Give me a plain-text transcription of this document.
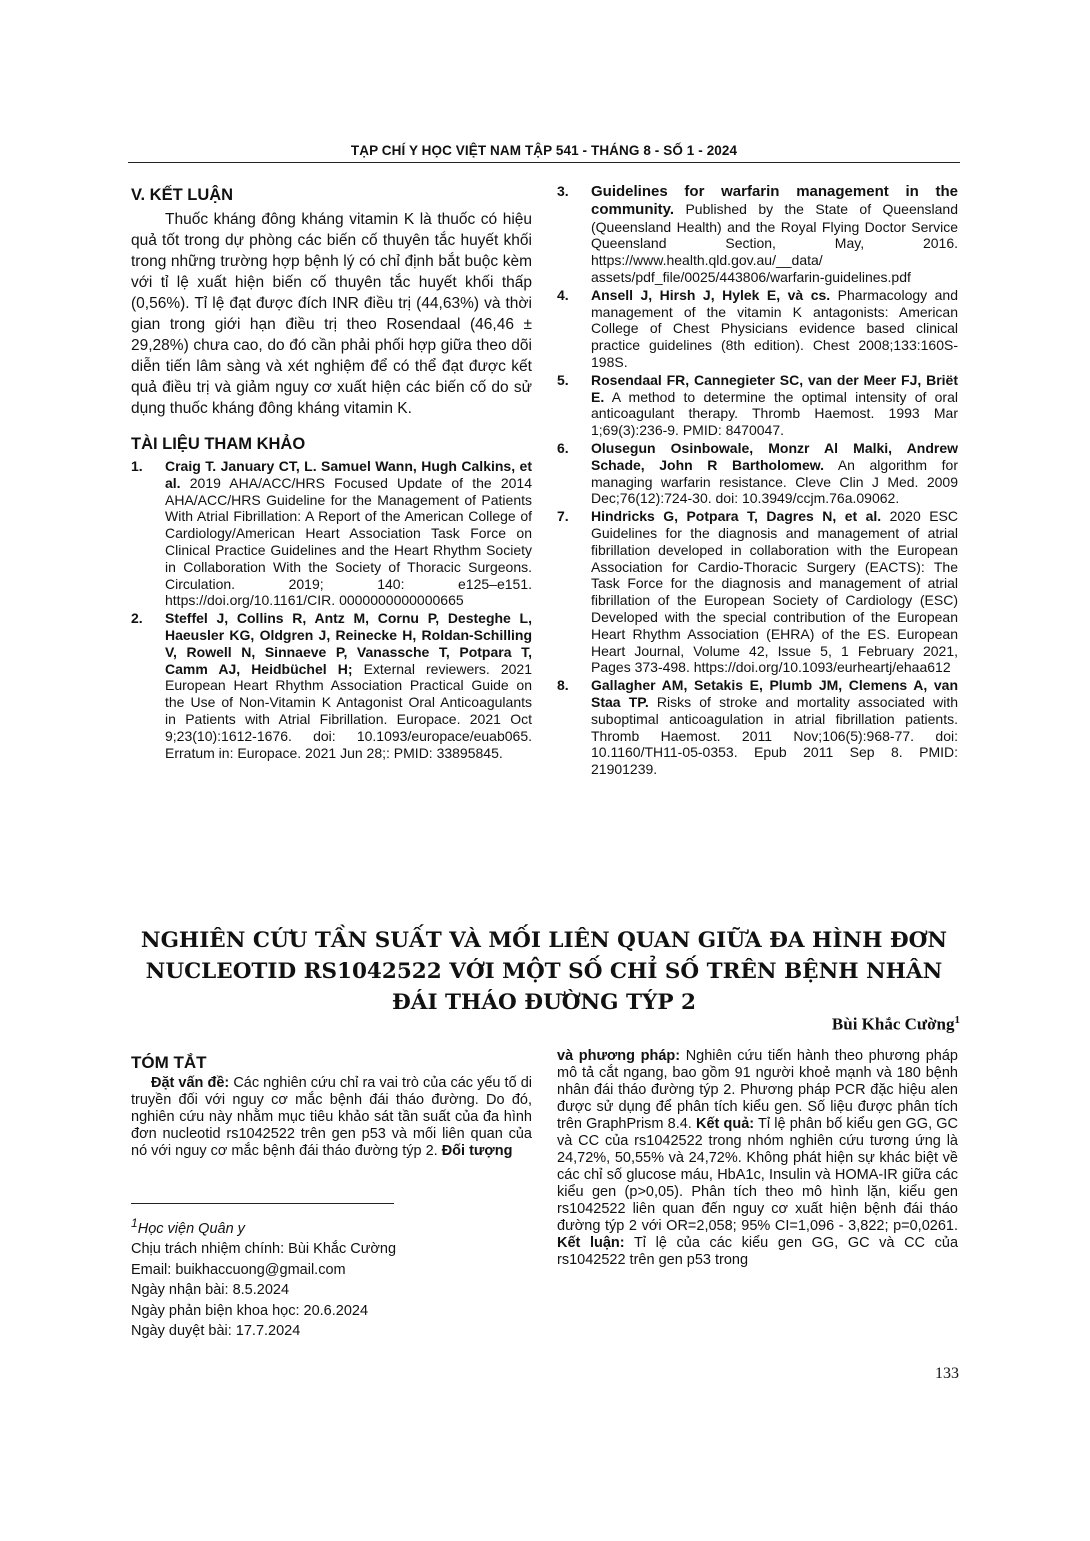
TẠP CHÍ Y HỌC VIỆT NAM TẬP 541 - THÁNG 8 - SỐ 1 - 2024
V. KẾT LUẬN

Thuốc kháng đông kháng vitamin K là thuốc có hiệu quả tốt trong dự phòng các biến cố thuyên tắc huyết khối trong những trường hợp bệnh lý có chỉ định bắt buộc kèm với tỉ lệ xuất hiện biến cố thuyên tắc huyết khối thấp (0,56%). Tỉ lệ đạt được đích INR điều trị (44,63%) và thời gian trong giới hạn điều trị theo Rosendaal (46,46 ± 29,28%) chưa cao, do đó cần phải phối hợp giữa theo dõi diễn tiến lâm sàng và xét nghiệm để có thể đạt được kết quả điều trị và giảm nguy cơ xuất hiện các biến cố do sử dụng thuốc kháng đông kháng vitamin K.

TÀI LIỆU THAM KHẢO
1. Craig T. January CT, L. Samuel Wann, Hugh Calkins, et al. 2019 AHA/ACC/HRS Focused Update of the 2014 AHA/ACC/HRS Guideline for the Management of Patients With Atrial Fibrillation: A Report of the American College of Cardiology/American Heart Association Task Force on Clinical Practice Guidelines and the Heart Rhythm Society in Collaboration With the Society of Thoracic Surgeons. Circulation. 2019; 140: e125–e151. https://doi.org/10.1161/CIR. 0000000000000665
2. Steffel J, Collins R, Antz M, Cornu P, Desteghe L, Haeusler KG, Oldgren J, Reinecke H, Roldan-Schilling V, Rowell N, Sinnaeve P, Vanassche T, Potpara T, Camm AJ, Heidbüchel H; External reviewers. 2021 European Heart Rhythm Association Practical Guide on the Use of Non-Vitamin K Antagonist Oral Anticoagulants in Patients with Atrial Fibrillation. Europace. 2021 Oct 9;23(10):1612-1676. doi: 10.1093/europace/euab065. Erratum in: Europace. 2021 Jun 28;: PMID: 33895845.
3. Guidelines for warfarin management in the community. Published by the State of Queensland (Queensland Health) and the Royal Flying Doctor Service Queensland Section, May, 2016. https://www.health.qld.gov.au/__data/ assets/pdf_file/0025/443806/warfarin-guidelines.pdf
4. Ansell J, Hirsh J, Hylek E, và cs. Pharmacology and management of the vitamin K antagonists: American College of Chest Physicians evidence based clinical practice guidelines (8th edition). Chest 2008;133:160S-198S.
5. Rosendaal FR, Cannegieter SC, van der Meer FJ, Briët E. A method to determine the optimal intensity of oral anticoagulant therapy. Thromb Haemost. 1993 Mar 1;69(3):236-9. PMID: 8470047.
6. Olusegun Osinbowale, Monzr Al Malki, Andrew Schade, John R Bartholomew. An algorithm for managing warfarin resistance. Cleve Clin J Med. 2009 Dec;76(12):724-30. doi: 10.3949/ccjm.76a.09062.
7. Hindricks G, Potpara T, Dagres N, et al. 2020 ESC Guidelines for the diagnosis and management of atrial fibrillation developed in collaboration with the European Association for Cardio-Thoracic Surgery (EACTS): The Task Force for the diagnosis and management of atrial fibrillation of the European Society of Cardiology (ESC) Developed with the special contribution of the European Heart Rhythm Association (EHRA) of the ES. European Heart Journal, Volume 42, Issue 5, 1 February 2021, Pages 373-498. https://doi.org/10.1093/eurheartj/ehaa612
8. Gallagher AM, Setakis E, Plumb JM, Clemens A, van Staa TP. Risks of stroke and mortality associated with suboptimal anticoagulation in atrial fibrillation patients. Thromb Haemost. 2011 Nov;106(5):968-77. doi: 10.1160/TH11-05-0353. Epub 2011 Sep 8. PMID: 21901239.
NGHIÊN CỨU TẦN SUẤT VÀ MỐI LIÊN QUAN GIỮA ĐA HÌNH ĐƠN
NUCLEOTID RS1042522 VỚI MỘT SỐ CHỈ SỐ TRÊN BỆNH NHÂN
ĐÁI THÁO ĐƯỜNG TÝP 2
Bùi Khắc Cường$^1$
TÓM TẮT

Đặt vấn đề: Các nghiên cứu chỉ ra vai trò của các yếu tố di truyền đối với nguy cơ mắc bệnh đái tháo đường. Do đó, nghiên cứu này nhằm mục tiêu khảo sát tần suất của đa hình đơn nucleotid rs1042522 trên gen p53 và mối liên quan của nó với nguy cơ mắc bệnh đái tháo đường týp 2. Đối tượng

và phương pháp: Nghiên cứu tiến hành theo phương pháp mô tả cắt ngang, bao gồm 91 người khoẻ mạnh và 180 bệnh nhân đái tháo đường týp 2. Phương pháp PCR đặc hiệu alen được sử dụng để phân tích kiểu gen. Số liệu được phân tích trên GraphPrism 8.4. Kết quả: Tỉ lệ phân bố kiểu gen GG, GC và CC của rs1042522 trong nhóm nghiên cứu tương ứng là 24,72%, 50,55% và 24,72%. Không phát hiện sự khác biệt về các chỉ số glucose máu, HbA1c, Insulin và HOMA-IR giữa các kiểu gen (p>0,05). Phân tích theo mô hình lặn, kiểu gen rs1042522 liên quan đến nguy cơ xuất hiện bệnh đái tháo đường týp 2 với OR=2,058; 95% CI=1,096 - 3,822; p=0,0261. Kết luận: Tỉ lệ của các kiểu gen GG, GC và CC của rs1042522 trên gen p53 trong

$^1$Học viện Quân y
Chịu trách nhiệm chính: Bùi Khắc Cường
Email: buikhaccuong@gmail.com
Ngày nhận bài: 8.5.2024
Ngày phản biện khoa học: 20.6.2024
Ngày duyệt bài: 17.7.2024
133
